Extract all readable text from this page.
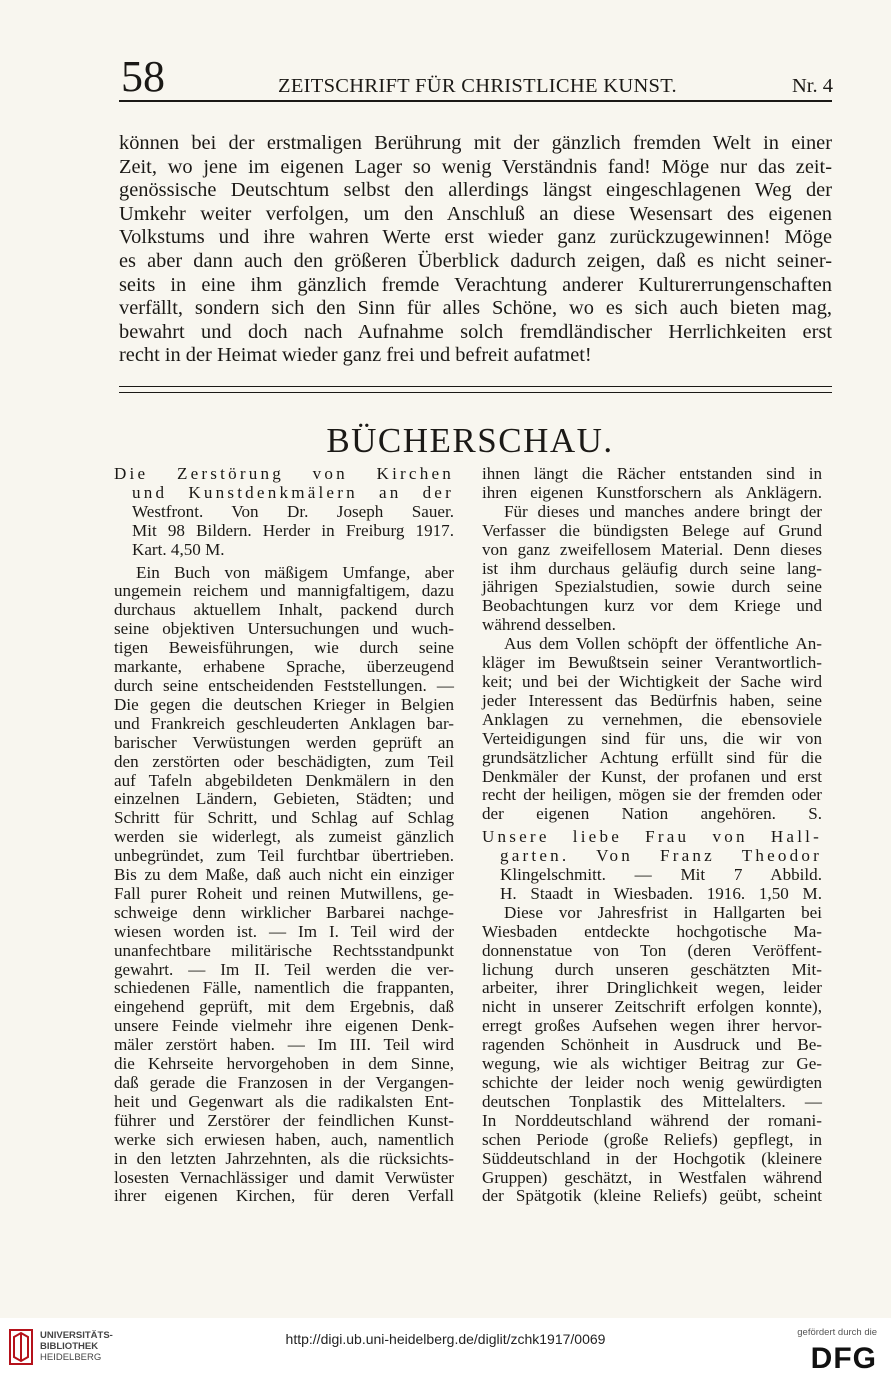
58	ZEITSCHRIFT FÜR CHRISTLICHE KUNST.	Nr. 4
können bei der erstmaligen Berührung mit der gänzlich fremden Welt in einer
Zeit, wo jene im eigenen Lager so wenig Verständnis fand! Möge nur das zeit-
genössische Deutschtum selbst den allerdings längst eingeschlagenen Weg der
Umkehr weiter verfolgen, um den Anschluß an diese Wesensart des eigenen
Volkstums und ihre wahren Werte erst wieder ganz zurückzugewinnen! Möge
es aber dann auch den größeren Überblick dadurch zeigen, daß es nicht seiner-
seits in eine ihm gänzlich fremde Verachtung anderer Kulturerrungenschaften
verfällt, sondern sich den Sinn für alles Schöne, wo es sich auch bieten mag,
bewahrt und doch nach Aufnahme solch fremdländischer Herrlichkeiten erst
recht in der Heimat wieder ganz frei und befreit aufatmet!
BÜCHERSCHAU.
Die Zerstörung von Kirchen
und Kunstdenkmälern an der
Westfront. Von Dr. Joseph Sauer.
Mit 98 Bildern. Herder in Freiburg 1917.
Kart. 4,50 M.
Ein Buch von mäßigem Umfange, aber
ungemein reichem und mannigfaltigem, dazu
durchaus aktuellem Inhalt, packend durch
seine objektiven Untersuchungen und wuch-
tigen Beweisführungen, wie durch seine
markante, erhabene Sprache, überzeugend
durch seine entscheidenden Feststellungen. —
Die gegen die deutschen Krieger in Belgien
und Frankreich geschleuderten Anklagen bar-
barischer Verwüstungen werden geprüft an
den zerstörten oder beschädigten, zum Teil
auf Tafeln abgebildeten Denkmälern in den
einzelnen Ländern, Gebieten, Städten; und
Schritt für Schritt, und Schlag auf Schlag
werden sie widerlegt, als zumeist gänzlich
unbegründet, zum Teil furchtbar übertrieben.
Bis zu dem Maße, daß auch nicht ein einziger
Fall purer Roheit und reinen Mutwillens, ge-
schweige denn wirklicher Barbarei nachge-
wiesen worden ist. — Im I. Teil wird der
unanfechtbare militärische Rechtsstandpunkt
gewahrt. — Im II. Teil werden die ver-
schiedenen Fälle, namentlich die frappanten,
eingehend geprüft, mit dem Ergebnis, daß
unsere Feinde vielmehr ihre eigenen Denk-
mäler zerstört haben. — Im III. Teil wird
die Kehrseite hervorgehoben in dem Sinne,
daß gerade die Franzosen in der Vergangen-
heit und Gegenwart als die radikalsten Ent-
führer und Zerstörer der feindlichen Kunst-
werke sich erwiesen haben, auch, namentlich
in den letzten Jahrzehnten, als die rücksichts-
losesten Vernachlässiger und damit Verwüster
ihrer eigenen Kirchen, für deren Verfall
ihnen längt die Rächer entstanden sind in
ihren eigenen Kunstforschern als Anklägern.
Für dieses und manches andere bringt der
Verfasser die bündigsten Belege auf Grund
von ganz zweifellosem Material. Denn dieses
ist ihm durchaus geläufig durch seine lang-
jährigen Spezialstudien, sowie durch seine
Beobachtungen kurz vor dem Kriege und
während desselben.
Aus dem Vollen schöpft der öffentliche An-
kläger im Bewußtsein seiner Verantwortlich-
keit; und bei der Wichtigkeit der Sache wird
jeder Interessent das Bedürfnis haben, seine
Anklagen zu vernehmen, die ebensoviele
Verteidigungen sind für uns, die wir von
grundsätzlicher Achtung erfüllt sind für die
Denkmäler der Kunst, der profanen und erst
recht der heiligen, mögen sie der fremden oder
der eigenen Nation angehören. S.
Unsere liebe Frau von Hall-
garten. Von Franz Theodor
Klingelschmitt. — Mit 7 Abbild.
H. Staadt in Wiesbaden. 1916. 1,50 M.
Diese vor Jahresfrist in Hallgarten bei
Wiesbaden entdeckte hochgotische Ma-
donnenstatue von Ton (deren Veröffent-
lichung durch unseren geschätzten Mit-
arbeiter, ihrer Dringlichkeit wegen, leider
nicht in unserer Zeitschrift erfolgen konnte),
erregt großes Aufsehen wegen ihrer hervor-
ragenden Schönheit in Ausdruck und Be-
wegung, wie als wichtiger Beitrag zur Ge-
schichte der leider noch wenig gewürdigten
deutschen Tonplastik des Mittelalters. —
In Norddeutschland während der romani-
schen Periode (große Reliefs) gepflegt, in
Süddeutschland in der Hochgotik (kleinere
Gruppen) geschätzt, in Westfalen während
der Spätgotik (kleine Reliefs) geübt, scheint
UNIVERSITÄTS-
BIBLIOTHEK
HEIDELBERG
http://digi.ub.uni-heidelberg.de/diglit/zchk1917/0069	gefördert durch die
DFG
